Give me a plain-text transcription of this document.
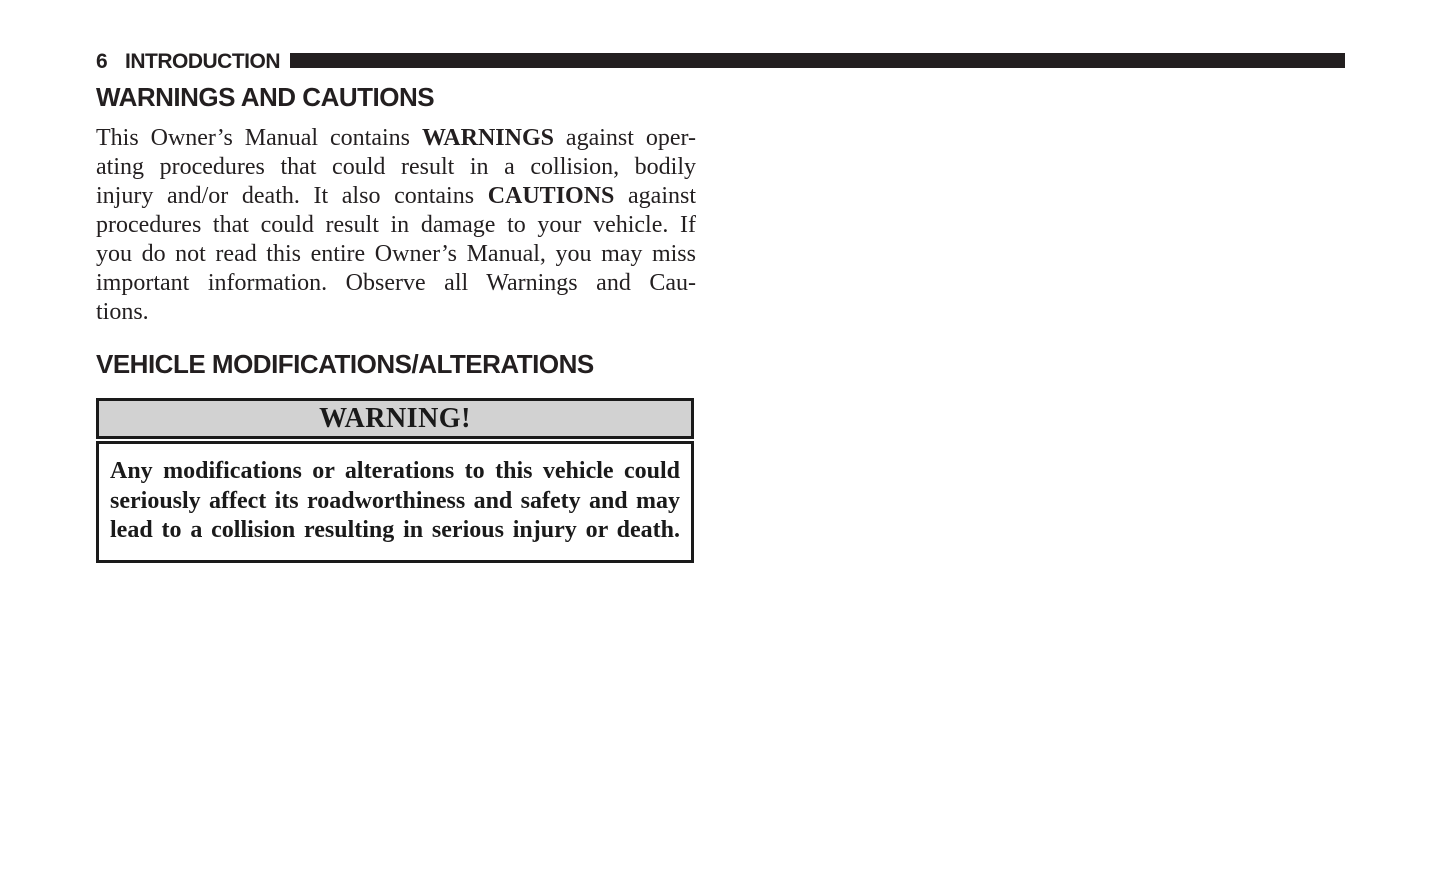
6 INTRODUCTION
WARNINGS AND CAUTIONS
This Owner’s Manual contains WARNINGS against oper-
ating procedures that could result in a collision, bodily
injury and/or death. It also contains CAUTIONS against
procedures that could result in damage to your vehicle. If
you do not read this entire Owner’s Manual, you may miss
important information. Observe all Warnings and Cau-
tions.
VEHICLE MODIFICATIONS/ALTERATIONS
WARNING!
Any modifications or alterations to this vehicle could
seriously affect its roadworthiness and safety and may
lead to a collision resulting in serious injury or death.
